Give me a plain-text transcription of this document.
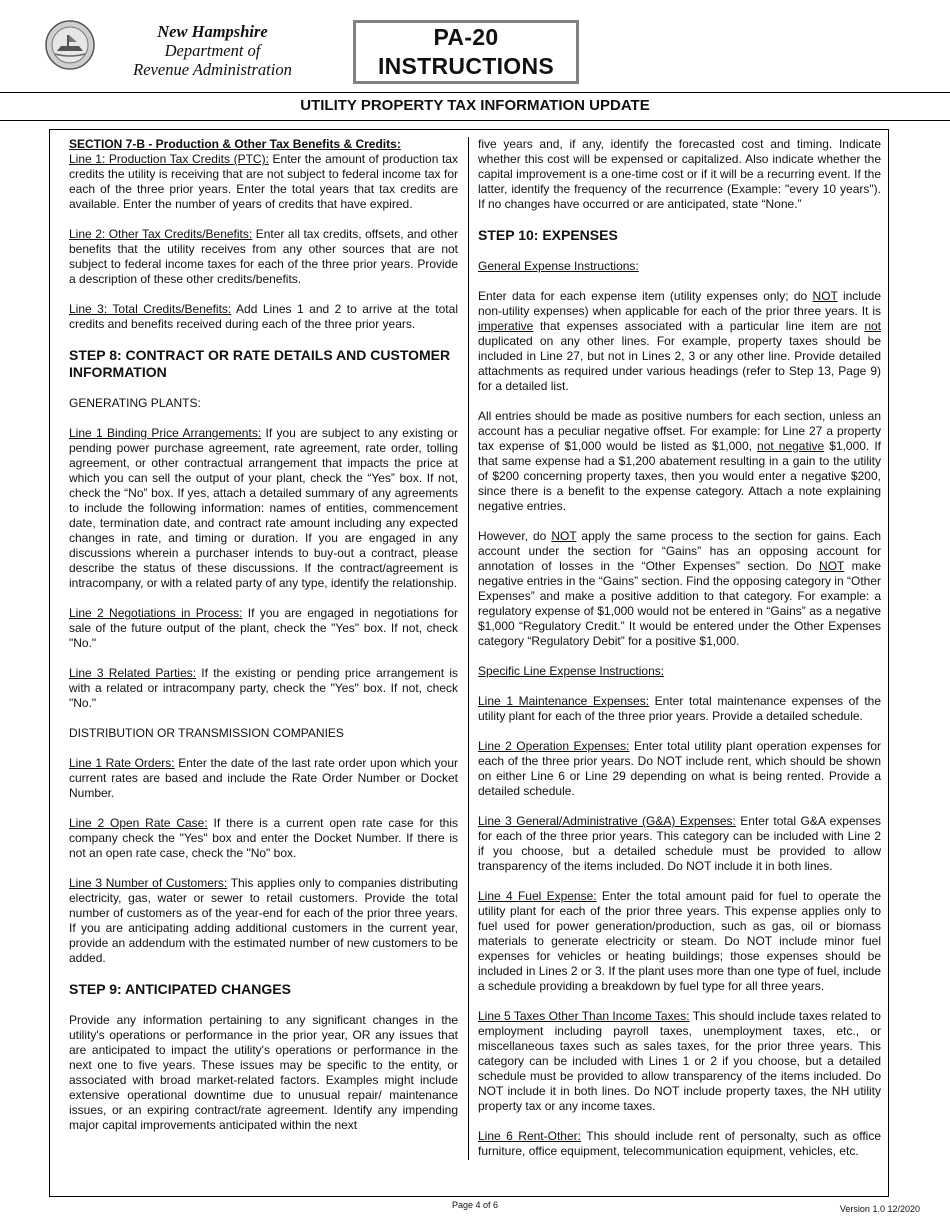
New Hampshire
Department of
Revenue Administration
PA-20
INSTRUCTIONS
UTILITY PROPERTY TAX INFORMATION UPDATE

SECTION 7-B - Production & Other Tax Benefits & Credits:

Line 1: Production Tax Credits (PTC): Enter the amount of production tax credits the utility is receiving that are not subject to federal income tax for each of the three prior years. Enter the total years that tax credits are available. Enter the number of years of credits that have expired.

Line 2: Other Tax Credits/Benefits: Enter all tax credits, offsets, and other benefits that the utility receives from any other sources that are not subject to federal income taxes for each of the three prior years. Provide a description of these other credits/benefits.

Line 3: Total Credits/Benefits: Add Lines 1 and 2 to arrive at the total credits and benefits received during each of the three prior years.

STEP 8: CONTRACT OR RATE DETAILS AND CUSTOMER INFORMATION

GENERATING PLANTS:

Line 1 Binding Price Arrangements: If you are subject to any existing or pending power purchase agreement, rate agreement, rate order, tolling agreement, or other contractual arrangement that impacts the price at which you can sell the output of your plant, check the “Yes” box. If not, check the “No” box. If yes, attach a detailed summary of any agreements to include the following information: names of entities, commencement date, termination date, and contract rate amount including any expected changes in rate, and timing or duration. If you are engaged in any discussions wherein a purchaser intends to buy-out a contract, please describe the status of these discussions. If the contract/agreement is intracompany, or with a related party of any type, identify the relationship.

Line 2 Negotiations in Process: If you are engaged in negotiations for sale of the future output of the plant, check the "Yes" box. If not, check "No."

Line 3 Related Parties: If the existing or pending price arrangement is with a related or intracompany party, check the "Yes" box. If not, check "No."

DISTRIBUTION OR TRANSMISSION COMPANIES

Line 1 Rate Orders: Enter the date of the last rate order upon which your current rates are based and include the Rate Order Number or Docket Number.

Line 2 Open Rate Case: If there is a current open rate case for this company check the "Yes" box and enter the Docket Number. If there is not an open rate case, check the "No" box.

Line 3 Number of Customers: This applies only to companies distributing electricity, gas, water or sewer to retail customers. Provide the total number of customers as of the year-end for each of the prior three years. If you are anticipating adding additional customers in the current year, provide an addendum with the estimated number of new customers to be added.

STEP 9: ANTICIPATED CHANGES

Provide any information pertaining to any significant changes in the utility's operations or performance in the prior year, OR any issues that are anticipated to impact the utility's operations or performance in the next one to five years. These issues may be specific to the entity, or associated with broad market-related factors. Examples might include extensive operational downtime due to unusual repair/ maintenance issues, or an expiring contract/rate agreement. Identify any impending major capital improvements anticipated within the next

five years and, if any, identify the forecasted cost and timing. Indicate whether this cost will be expensed or capitalized. Also indicate whether the capital improvement is a one-time cost or if it will be a recurring event. If the latter, identify the frequency of the recurrence (Example: "every 10 years"). If no changes have occurred or are anticipated, state “None.”

STEP 10: EXPENSES

General Expense Instructions:

Enter data for each expense item (utility expenses only; do NOT include non-utility expenses) when applicable for each of the prior three years. It is imperative that expenses associated with a particular line item are not duplicated on any other lines. For example, property taxes should be included in Line 27, but not in Lines 2, 3 or any other line. Provide detailed attachments as required under various headings (refer to Step 13, Page 9) for a detailed list.

All entries should be made as positive numbers for each section, unless an account has a peculiar negative offset. For example: for Line 27 a property tax expense of $1,000 would be listed as $1,000, not negative $1,000. If that same expense had a $1,200 abatement resulting in a gain to the utility of $200 concerning property taxes, then you would enter a negative $200, since there is a benefit to the expense category. Attach a note explaining negative entries.

However, do NOT apply the same process to the section for gains. Each account under the section for “Gains” has an opposing account for annotation of losses in the “Other Expenses” section. Do NOT make negative entries in the “Gains” section. Find the opposing category in “Other Expenses” and make a positive addition to that category. For example: a regulatory expense of $1,000 would not be entered in “Gains” as a negative $1,000 “Regulatory Credit.” It would be entered under the Other Expenses category “Regulatory Debit” for a positive $1,000.

Specific Line Expense Instructions:

Line 1 Maintenance Expenses: Enter total maintenance expenses of the utility plant for each of the three prior years. Provide a detailed schedule.

Line 2 Operation Expenses: Enter total utility plant operation expenses for each of the three prior years. Do NOT include rent, which should be shown on either Line 6 or Line 29 depending on what is being rented. Provide a detailed schedule.

Line 3 General/Administrative (G&A) Expenses: Enter total G&A expenses for each of the three prior years. This category can be included with Line 2 if you choose, but a detailed schedule must be provided to allow transparency of the items included. Do NOT include it in both lines.

Line 4 Fuel Expense: Enter the total amount paid for fuel to operate the utility plant for each of the prior three years. This expense applies only to fuel used for power generation/production, such as gas, oil or biomass materials to generate electricity or steam. Do NOT include minor fuel expenses for vehicles or heating buildings; those expenses should be included in Lines 2 or 3. If the plant uses more than one type of fuel, include a schedule providing a breakdown by fuel type for all three years.

Line 5 Taxes Other Than Income Taxes: This should include taxes related to employment including payroll taxes, unemployment taxes, etc., or miscellaneous taxes such as sales taxes, for the prior three years. This category can be included with Lines 1 or 2 if you choose, but a detailed schedule must be provided to allow transparency of the items included. Do NOT include it in both lines. Do NOT include property taxes, the NH utility property tax or any income taxes.

Line 6 Rent-Other: This should include rent of personalty, such as office furniture, office equipment, telecommunication equipment, vehicles, etc.

Page 4 of 6	Version 1.0 12/2020
